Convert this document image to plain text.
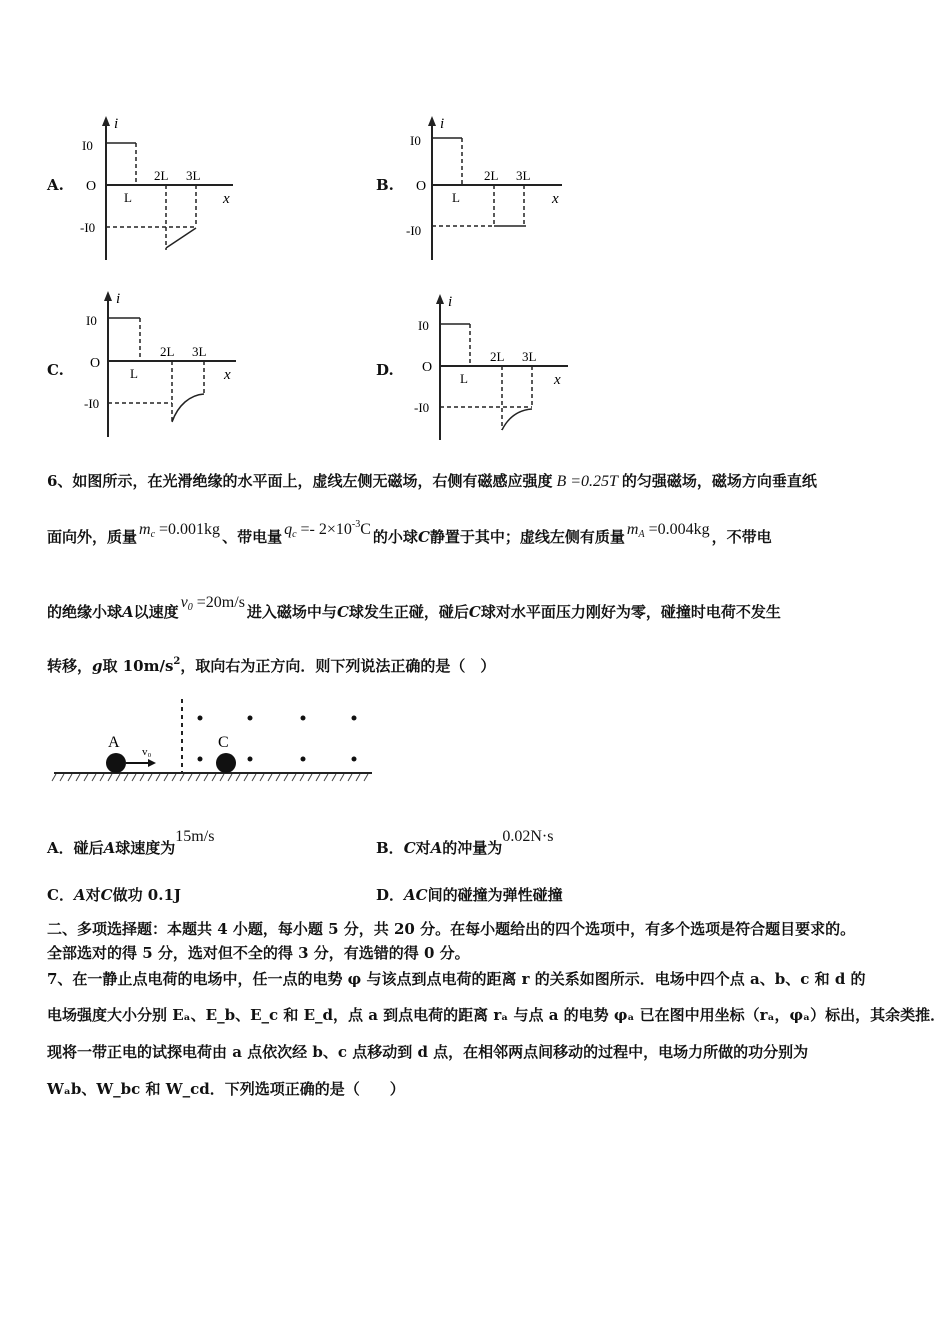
A.
i
x
O
I0
-I0
L
2L 3L
B.
i
x
O
I0
-I0
L
2L 3L
C.
i
x
O
I0
-I0
L
2L 3L
D.
i
x
O
I0
-I0
L
2L 3L
6、如图所示，在光滑绝缘的水平面上，虚线左侧无磁场，右侧有磁感应强度 B =0.25T 的匀强磁场，磁场方向垂直纸
面向外，质量 $m_c =0.001kg$ 、带电量 $q_c =- 2\times 10^{-3}C$ 的小球C静置于其中；虚线左侧有质量 $m_A =0.004kg$ ，不带电
的绝缘小球A以速度$v_0 =20m/s$进入磁场中与C球发生正碰，碰后C球对水平面压力刚好为零，碰撞时电荷不发生
转移，g取 $10m/s^2$，取向右为正方向．则下列说法正确的是（　）
A
v₀
C
A．碰后A球速度为15m/s
B．C对A的冲量为0.02N·s
C．A对C做功 0.1J	D．AC间的碰撞为弹性碰撞
二、多项选择题：本题共 4 小题，每小题 5 分，共 20 分。在每小题给出的四个选项中，有多个选项是符合题目要求的。
全部选对的得 5 分，选对但不全的得 3 分，有选错的得 0 分。
7、在一静止点电荷的电场中，任一点的电势 φ 与该点到点电荷的距离 r 的关系如图所示．电场中四个点 a、b、c 和 d 的
电场强度大小分别 Eₐ、E_b、E_c 和 E_d，点 a 到点电荷的距离 rₐ 与点 a 的电势 φₐ 已在图中用坐标（rₐ，φₐ）标出，其余类推．
现将一带正电的试探电荷由 a 点依次经 b、c 点移动到 d 点，在相邻两点间移动的过程中，电场力所做的功分别为
Wₐb、W_bc 和 W_cd．下列选项正确的是（　　）
